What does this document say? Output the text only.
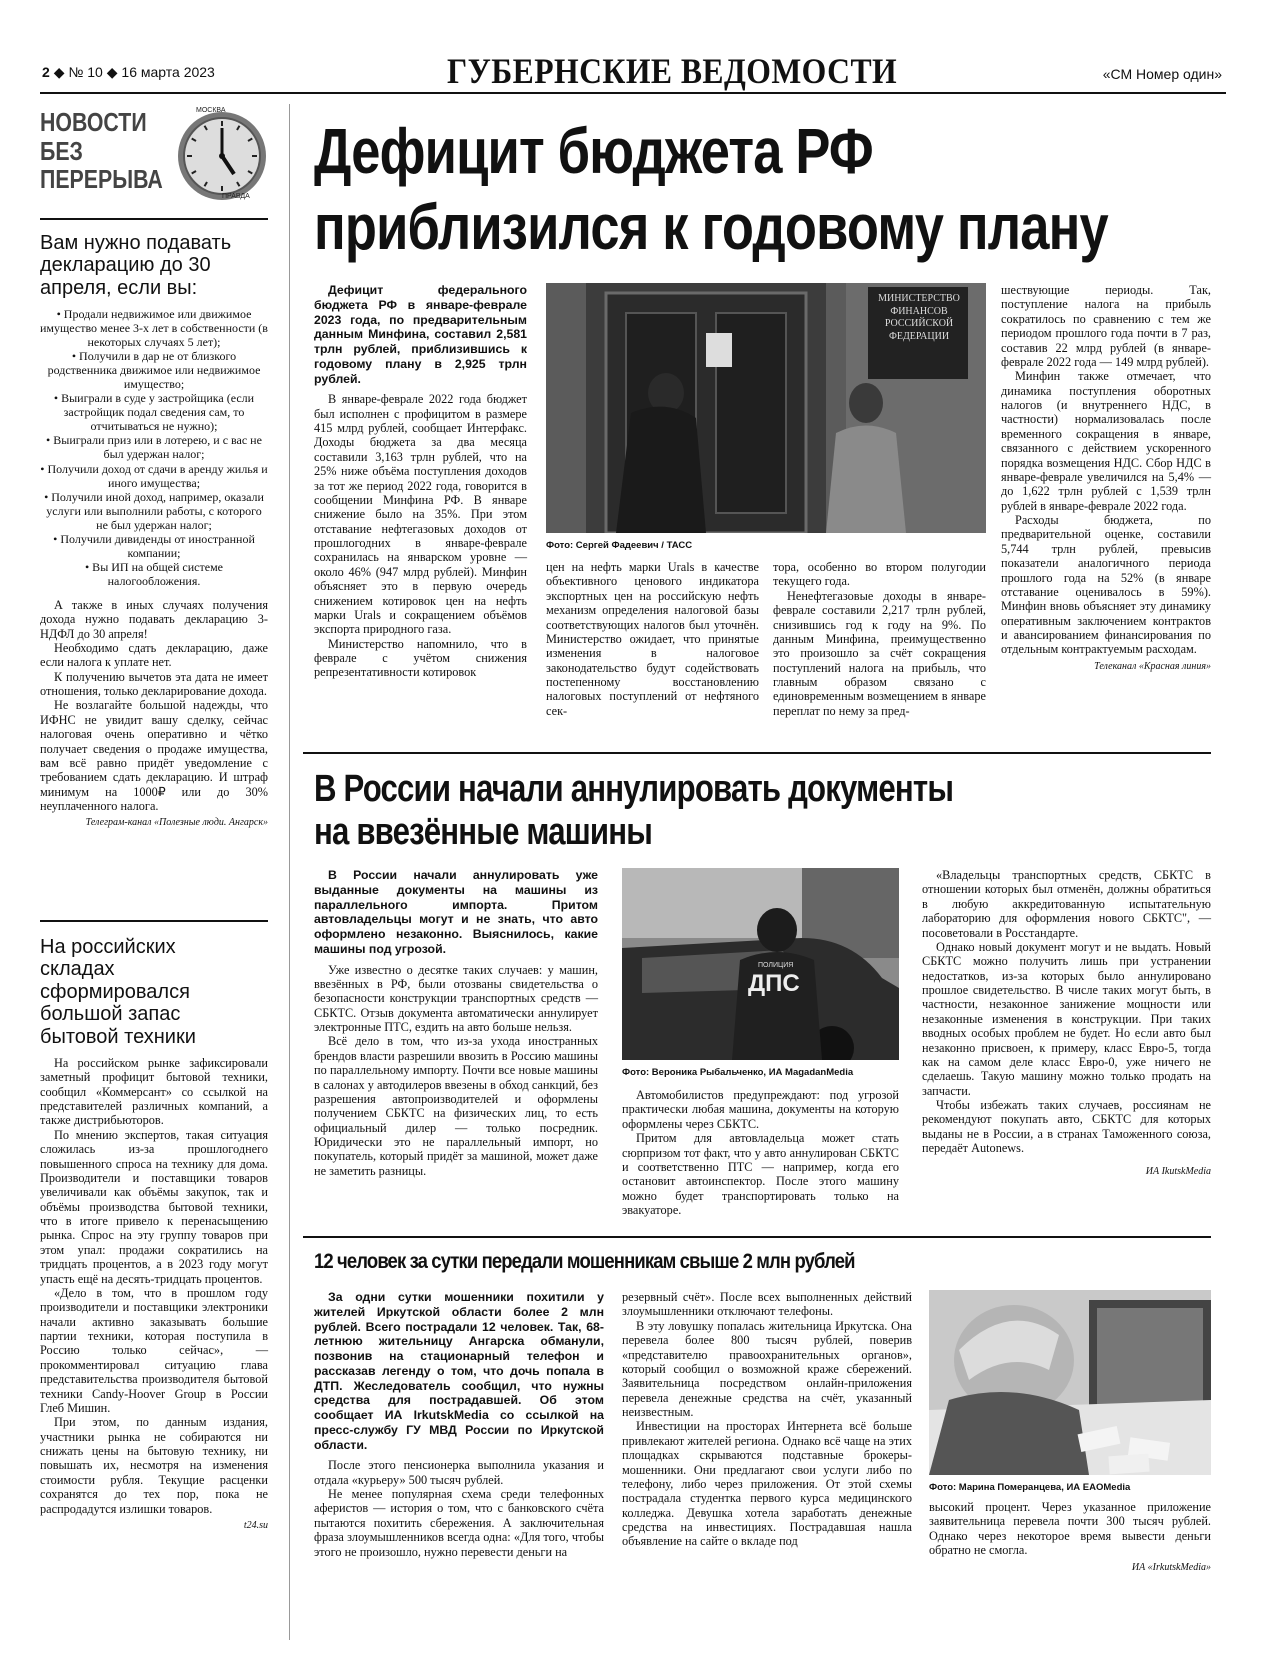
2 ◆ № 10 ◆ 16 марта 2023	ГУБЕРНСКИЕ ВЕДОМОСТИ	«СМ Номер один»
НОВОСТИ
БЕЗ
ПЕРЕРЫВА
МОСКВА
ПРАВДА
Вам нужно подавать декларацию до 30 апреля, если вы:

• Продали недвижимое или движимое имущество менее 3-х лет в собственности (в некоторых случаях 5 лет);

• Получили в дар не от близкого родственника движимое или недвижимое имущество;

• Выиграли в суде у застройщика (если застройщик подал сведения сам, то отчитываться не нужно);

• Выиграли приз или в лотерею, и с вас не был удержан налог;

• Получили доход от сдачи в аренду жилья и иного имущества;

• Получили иной доход, например, оказали услуги или выполнили работы, с которого не был удержан налог;

• Получили дивиденды от иностранной компании;

• Вы ИП на общей системе налогообложения.

А также в иных случаях получения дохода нужно подавать декларацию 3-НДФЛ до 30 апреля!

Необходимо сдать декларацию, даже если налога к уплате нет.

К получению вычетов эта дата не имеет отношения, только декларирование дохода.

Не возлагайте большой надежды, что ИФНС не увидит вашу сделку, сейчас налоговая очень оперативно и чётко получает сведения о продаже имущества, вам всё равно придёт уведомление с требованием сдать декларацию. И штраф минимум на 1000₽ или до 30% неуплаченного налога.

Телеграм-канал «Полезные люди. Ангарск»
На российских складах сформировался большой запас бытовой техники

На российском рынке зафиксировали заметный профицит бытовой техники, сообщил «Коммерсант» со ссылкой на представителей различных компаний, а также дистрибьюторов.

По мнению экспертов, такая ситуация сложилась из-за прошлогоднего повышенного спроса на технику для дома. Производители и поставщики товаров увеличивали как объёмы закупок, так и объёмы производства бытовой техники, что в итоге привело к перенасыщению рынка. Спрос на эту группу товаров при этом упал: продажи сократились на тридцать процентов, а в 2023 году могут упасть ещё на десять-тридцать процентов.

«Дело в том, что в прошлом году производители и поставщики электроники начали активно заказывать большие партии техники, которая поступила в Россию только сейчас», — прокомментировал ситуацию глава представительства производителя бытовой техники Candy-Hoover Group в России Глеб Мишин.

При этом, по данным издания, участники рынка не собираются ни снижать цены на бытовую технику, ни повышать их, несмотря на изменения стоимости рубля. Текущие расценки сохранятся до тех пор, пока не распродадутся излишки товаров.

t24.su
Дефицит бюджета РФ
приблизился к годовому плану

Дефицит федерального бюджета РФ в январе-феврале 2023 года, по предварительным данным Минфина, составил 2,581 трлн рублей, приблизившись к годовому плану в 2,925 трлн рублей.

В январе-феврале 2022 года бюджет был исполнен с профицитом в размере 415 млрд рублей, сообщает Интерфакс. Доходы бюджета за два месяца составили 3,163 трлн рублей, что на 25% ниже объёма поступления доходов за тот же период 2022 года, говорится в сообщении Минфина РФ. В январе снижение было на 35%. При этом отставание нефтегазовых доходов от прошлогодних в январе-феврале сохранилась на январском уровне — около 46% (947 млрд рублей). Минфин объясняет это в первую очередь снижением котировок цен на нефть марки Urals и сокращением объёмов экспорта природного газа.

Министерство напомнило, что в феврале с учётом снижения репрезентативности котировок

МИНИСТЕРСТВО ФИНАНСОВ РОССИЙСКОЙ ФЕДЕРАЦИИ
Фото: Сергей Фадеевич / ТАСС

цен на нефть марки Urals в качестве объективного ценового индикатора экспортных цен на российскую нефть механизм определения налоговой базы соответствующих налогов был уточнён. Министерство ожидает, что принятые изменения в налоговое законодательство будут содействовать постепенному восстановлению налоговых поступлений от нефтяного сек-

тора, особенно во втором полугодии текущего года.

Ненефтегазовые доходы в январе-феврале составили 2,217 трлн рублей, снизившись год к году на 9%. По данным Минфина, преимущественно это произошло за счёт сокращения поступлений налога на прибыль, что главным образом связано с единовременным возмещением в январе переплат по нему за пред-

шествующие периоды. Так, поступление налога на прибыль сократилось по сравнению с тем же периодом прошлого года почти в 7 раз, составив 22 млрд рублей (в январе-феврале 2022 года — 149 млрд рублей).

Минфин также отмечает, что динамика поступления оборотных налогов (и внутреннего НДС, в частности) нормализовалась после временного сокращения в январе, связанного с действием ускоренного порядка возмещения НДС. Сбор НДС в январе-феврале увеличился на 5,4% — до 1,622 трлн рублей с 1,539 трлн рублей в январе-феврале 2022 года.

Расходы бюджета, по предварительной оценке, составили 5,744 трлн рублей, превысив показатели аналогичного периода прошлого года на 52% (в январе отставание оценивалось в 59%). Минфин вновь объясняет эту динамику оперативным заключением контрактов и авансированием финансирования по отдельным контрактуемым расходам.

Телеканал «Красная линия»
В России начали аннулировать документы
на ввезённые машины

В России начали аннулировать уже выданные документы на машины из параллельного импорта. Притом автовладельцы могут и не знать, что авто оформлено незаконно. Выяснилось, какие машины под угрозой.

Уже известно о десятке таких случаев: у машин, ввезённых в РФ, были отозваны свидетельства о безопасности конструкции транспортных средств — СБКТС. Отзыв документа автоматически аннулирует электронные ПТС, ездить на авто больше нельзя.

Всё дело в том, что из-за ухода иностранных брендов власти разрешили ввозить в Россию машины по параллельному импорту. Почти все новые машины в салонах у автодилеров ввезены в обход санкций, без разрешения автопроизводителей и оформлены получением СБКТС на физических лиц, то есть официальный дилер — только посредник. Юридически это не параллельный импорт, но покупатель, который придёт за машиной, может даже не заметить разницы.

ПОЛИЦИЯ
ДПС
Фото: Вероника Рыбальченко, ИА MagadanMedia

Автомобилистов предупреждают: под угрозой практически любая машина, документы на которую оформлены через СБКТС.

Притом для автовладельца может стать сюрпризом тот факт, что у авто аннулирован СБКТС и соответственно ПТС — например, когда его остановит автоинспектор. После этого машину можно будет транспортировать только на эвакуаторе.

«Владельцы транспортных средств, СБКТС в отношении которых был отменён, должны обратиться в любую аккредитованную испытательную лабораторию для оформления нового СБКТС", — посоветовали в Росстандарте.

Однако новый документ могут и не выдать. Новый СБКТС можно получить лишь при устранении недостатков, из-за которых было аннулировано прошлое свидетельство. В числе таких могут быть, в частности, незаконное занижение мощности или незаконные изменения в конструкции. При таких вводных особых проблем не будет. Но если авто был незаконно присвоен, к примеру, класс Евро-5, тогда как на самом деле класс Евро-0, уже ничего не сделаешь. Такую машину можно только продать на запчасти.

Чтобы избежать таких случаев, россиянам не рекомендуют покупать авто, СБКТС для которых выданы не в России, а в странах Таможенного союза, передаёт Autonews.

ИА IkutskMedia
12 человек за сутки передали мошенникам свыше 2 млн рублей

За одни сутки мошенники похитили у жителей Иркутской области более 2 млн рублей. Всего пострадали 12 человек. Так, 68-летнюю жительницу Ангарска обманули, позвонив на стационарный телефон и рассказав легенду о том, что дочь попала в ДТП. Жеследователь сообщил, что нужны средства для пострадавшей. Об этом сообщает ИА IrkutskMedia со ссылкой на пресс-службу ГУ МВД России по Иркутской области.

После этого пенсионерка выполнила указания и отдала «курьеру» 500 тысяч рублей.

Не менее популярная схема среди телефонных аферистов — история о том, что с банковского счёта пытаются похитить сбережения. А заключительная фраза злоумышленников всегда одна: «Для того, чтобы этого не произошло, нужно перевести деньги на

резервный счёт». После всех выполненных действий злоумышленники отключают телефоны.

В эту ловушку попалась жительница Иркутска. Она перевела более 800 тысяч рублей, поверив «представителю правоохранительных органов», который сообщил о возможной краже сбережений. Заявительница посредством онлайн-приложения перевела денежные средства на счёт, указанный неизвестным.

Инвестиции на просторах Интернета всё больше привлекают жителей региона. Однако всё чаще на этих площадках скрываются подставные брокеры-мошенники. Они предлагают свои услуги либо по телефону, либо через приложения. От этой схемы пострадала студентка первого курса медицинского колледжа. Девушка хотела заработать денежные средства на инвестициях. Пострадавшая нашла объявление на сайте о вкладе под

Фото: Марина Померанцева, ИА EAOMedia

высокий процент. Через указанное приложение заявительница перевела почти 300 тысяч рублей. Однако через некоторое время вывести деньги обратно не смогла.

ИА «IrkutskMedia»
